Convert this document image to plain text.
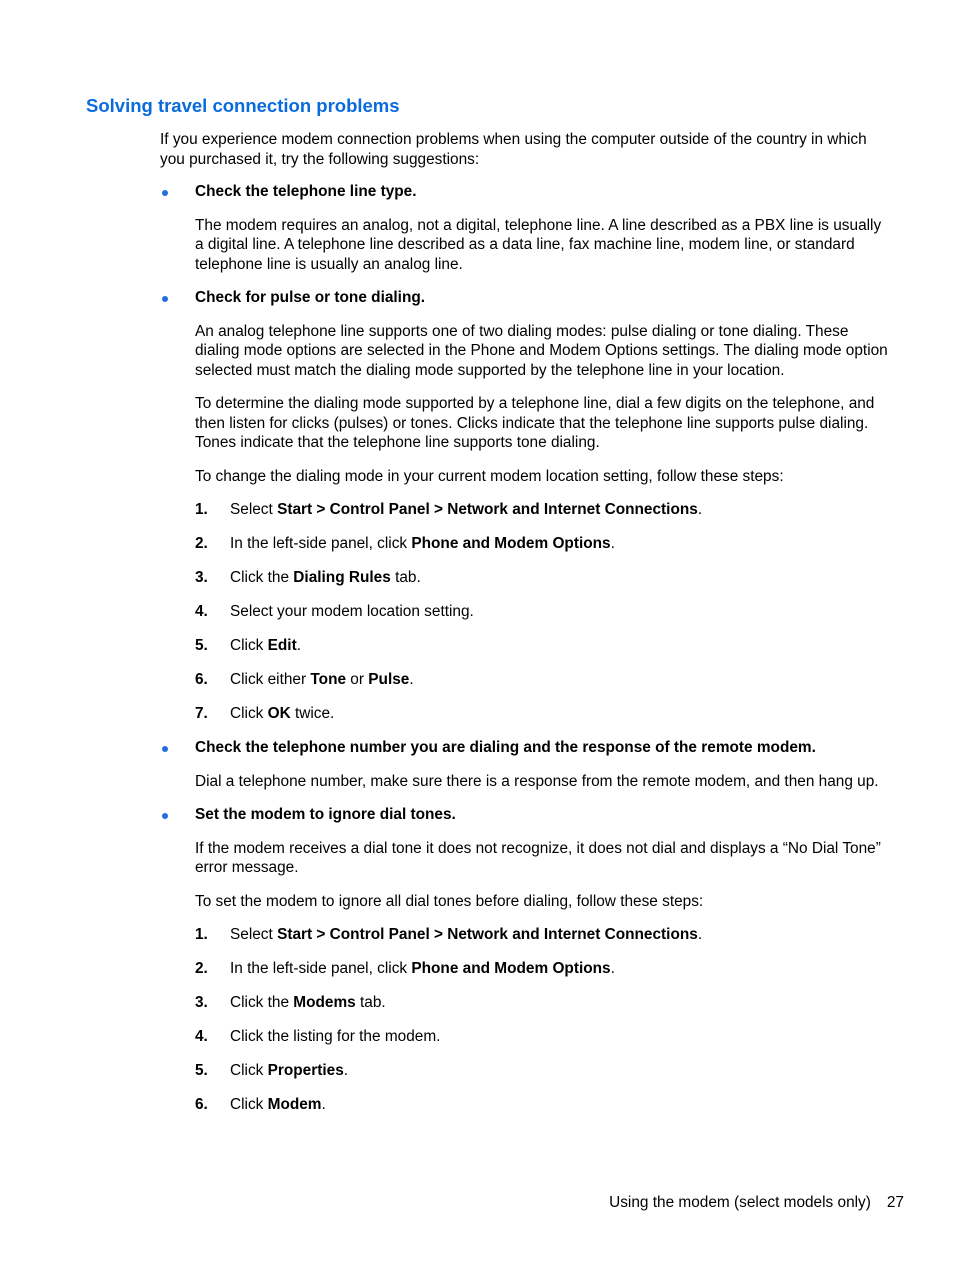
Solving travel connection problems

If you experience modem connection problems when using the computer outside of the country in which you purchased it, try the following suggestions:

Check the telephone line type.

The modem requires an analog, not a digital, telephone line. A line described as a PBX line is usually a digital line. A telephone line described as a data line, fax machine line, modem line, or standard telephone line is usually an analog line.

Check for pulse or tone dialing.

An analog telephone line supports one of two dialing modes: pulse dialing or tone dialing. These dialing mode options are selected in the Phone and Modem Options settings. The dialing mode option selected must match the dialing mode supported by the telephone line in your location.

To determine the dialing mode supported by a telephone line, dial a few digits on the telephone, and then listen for clicks (pulses) or tones. Clicks indicate that the telephone line supports pulse dialing. Tones indicate that the telephone line supports tone dialing.

To change the dialing mode in your current modem location setting, follow these steps:

1. Select Start > Control Panel > Network and Internet Connections.
2. In the left-side panel, click Phone and Modem Options.
3. Click the Dialing Rules tab.
4. Select your modem location setting.
5. Click Edit.
6. Click either Tone or Pulse.
7. Click OK twice.

Check the telephone number you are dialing and the response of the remote modem.

Dial a telephone number, make sure there is a response from the remote modem, and then hang up.

Set the modem to ignore dial tones.

If the modem receives a dial tone it does not recognize, it does not dial and displays a “No Dial Tone” error message.

To set the modem to ignore all dial tones before dialing, follow these steps:

1. Select Start > Control Panel > Network and Internet Connections.
2. In the left-side panel, click Phone and Modem Options.
3. Click the Modems tab.
4. Click the listing for the modem.
5. Click Properties.
6. Click Modem.
Using the modem (select models only) 27
